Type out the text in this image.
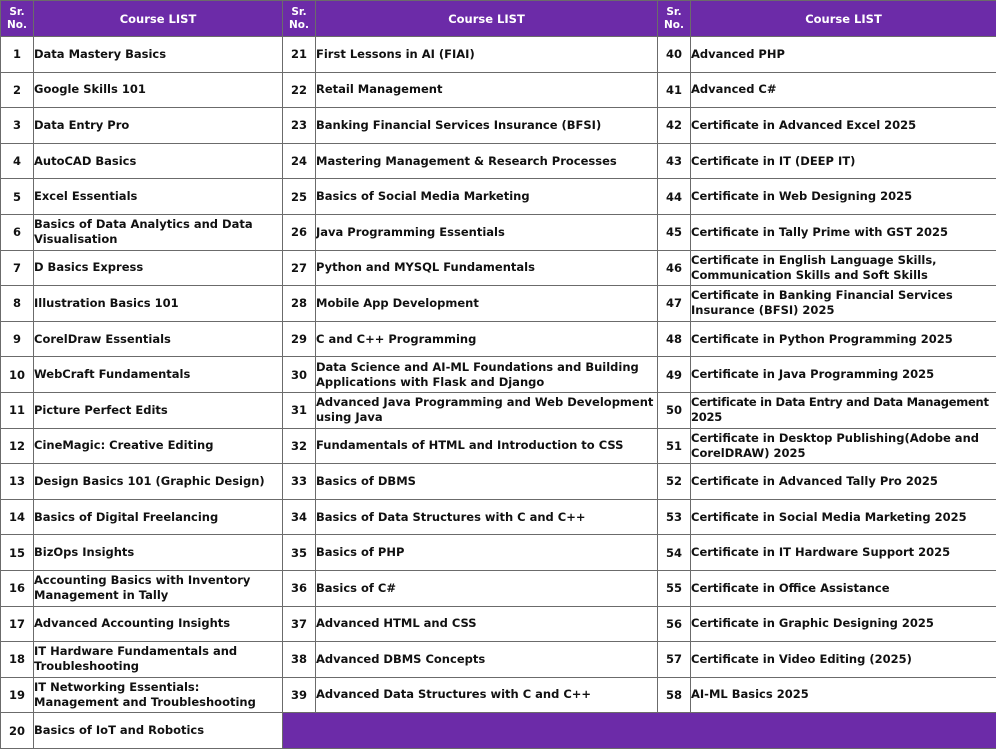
Sr. No.	Course LIST	Sr. No.	Course LIST	Sr. No.	Course LIST
1	Data Mastery Basics	21	First Lessons in AI (FIAI)	40	Advanced PHP
2	Google Skills 101	22	Retail Management	41	Advanced C#
3	Data Entry Pro	23	Banking Financial Services Insurance (BFSI)	42	Certificate in Advanced Excel 2025
4	AutoCAD Basics	24	Mastering Management & Research Processes	43	Certificate in IT (DEEP IT)
5	Excel Essentials	25	Basics of Social Media Marketing	44	Certificate in Web Designing 2025
6	Basics of Data Analytics and Data Visualisation	26	Java Programming Essentials	45	Certificate in Tally Prime with GST 2025
7	D Basics Express	27	Python and MYSQL Fundamentals	46	Certificate in English Language Skills, Communication Skills and Soft Skills
8	Illustration Basics 101	28	Mobile App Development	47	Certificate in Banking Financial Services Insurance (BFSI) 2025
9	CorelDraw Essentials	29	C and C++ Programming	48	Certificate in Python Programming 2025
10	WebCraft Fundamentals	30	Data Science and AI-ML Foundations and Building Applications with Flask and Django	49	Certificate in Java Programming 2025
11	Picture Perfect Edits	31	Advanced Java Programming and Web Development using Java	50	Certificate in Data Entry and Data Management 2025
12	CineMagic: Creative Editing	32	Fundamentals of HTML and Introduction to CSS	51	Certificate in Desktop Publishing(Adobe and CorelDRAW) 2025
13	Design Basics 101 (Graphic Design)	33	Basics of DBMS	52	Certificate in Advanced Tally Pro 2025
14	Basics of Digital Freelancing	34	Basics of Data Structures with C and C++	53	Certificate in Social Media Marketing 2025
15	BizOps Insights	35	Basics of PHP	54	Certificate in IT Hardware Support 2025
16	Accounting Basics with Inventory Management in Tally	36	Basics of C#	55	Certificate in Office Assistance
17	Advanced Accounting Insights	37	Advanced HTML and CSS	56	Certificate in Graphic Designing 2025
18	IT Hardware Fundamentals and Troubleshooting	38	Advanced DBMS Concepts	57	Certificate in Video Editing (2025)
19	IT Networking Essentials: Management and Troubleshooting	39	Advanced Data Structures with C and C++	58	AI-ML Basics 2025
20	Basics of IoT and Robotics				
